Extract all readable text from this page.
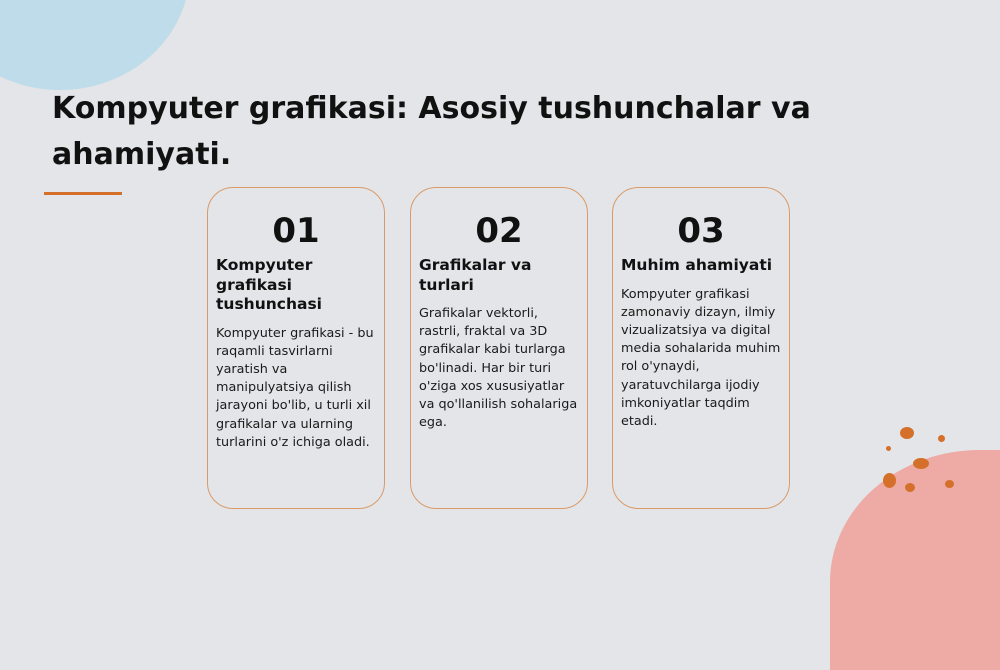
Kompyuter grafikasi: Asosiy tushunchalar va ahamiyati.
01
Kompyuter grafikasi tushunchasi
Kompyuter grafikasi - bu raqamli tasvirlarni yaratish va manipulyatsiya qilish jarayoni bo'lib, u turli xil grafikalar va ularning turlarini o'z ichiga oladi.
02
Grafikalar va turlari
Grafikalar vektorli, rastrli, fraktal va 3D grafikalar kabi turlarga bo'linadi. Har bir turi o'ziga xos xususiyatlar va qo'llanilish sohalariga ega.
03
Muhim ahamiyati
Kompyuter grafikasi zamonaviy dizayn, ilmiy vizualizatsiya va digital media sohalarida muhim rol o'ynaydi, yaratuvchilarga ijodiy imkoniyatlar taqdim etadi.
